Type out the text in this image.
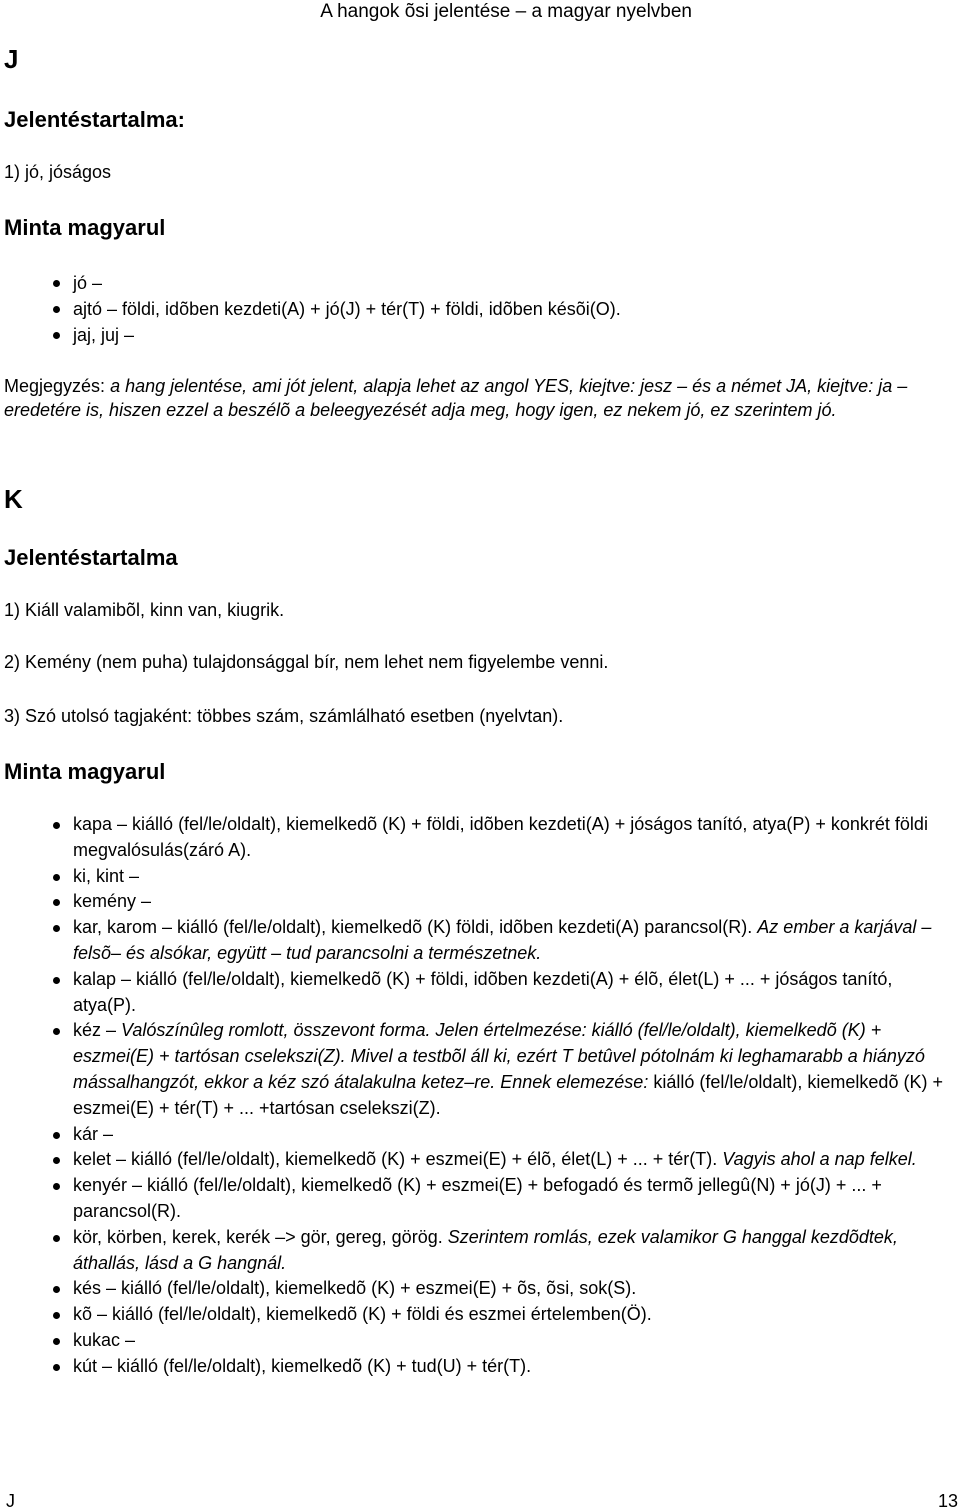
A hangok õsi jelentése – a magyar nyelvben
J
Jelentéstartalma:
1) jó, jóságos
Minta magyarul
jó –
ajtó – földi, idõben kezdeti(A) + jó(J) + tér(T) + földi, idõben késõi(O).
jaj, juj –
Megjegyzés: a hang jelentése, ami jót jelent, alapja lehet az angol YES, kiejtve: jesz – és a német JA, kiejtve: ja – eredetére is, hiszen ezzel a beszélõ a beleegyezését adja meg, hogy igen, ez nekem jó, ez szerintem jó.
K
Jelentéstartalma
1) Kiáll valamibõl, kinn van, kiugrik.
2) Kemény (nem puha) tulajdonsággal bír, nem lehet nem figyelembe venni.
3) Szó utolsó tagjaként: többes szám, számlálható esetben (nyelvtan).
Minta magyarul
kapa – kiálló (fel/le/oldalt), kiemelkedõ (K) + földi, idõben kezdeti(A) + jóságos tanító, atya(P) + konkrét földi megvalósulás(záró A).
ki, kint –
kemény –
kar, karom – kiálló (fel/le/oldalt), kiemelkedõ (K) földi, idõben kezdeti(A) parancsol(R). Az ember a karjával – felsõ– és alsókar, együtt – tud parancsolni a természetnek.
kalap – kiálló (fel/le/oldalt), kiemelkedõ (K) + földi, idõben kezdeti(A) + élõ, élet(L) + ... + jóságos tanító, atya(P).
kéz – Valószínûleg romlott, összevont forma. Jelen értelmezése: kiálló (fel/le/oldalt), kiemelkedõ (K) + eszmei(E) + tartósan cselekszi(Z). Mivel a testbõl áll ki, ezért T betûvel pótolnám ki leghamarabb a hiányzó mássalhangzót, ekkor a kéz szó átalakulna ketez–re. Ennek elemezése: kiálló (fel/le/oldalt), kiemelkedõ (K) + eszmei(E) + tér(T) + ... +tartósan cselekszi(Z).
kár –
kelet – kiálló (fel/le/oldalt), kiemelkedõ (K) + eszmei(E) + élõ, élet(L) + ... + tér(T). Vagyis ahol a nap felkel.
kenyér – kiálló (fel/le/oldalt), kiemelkedõ (K) + eszmei(E) + befogadó és termõ jellegû(N) + jó(J) + ... + parancsol(R).
kör, körben, kerek, kerék –> gör, gereg, görög. Szerintem romlás, ezek valamikor G hanggal kezdõdtek, áthallás, lásd a G hangnál.
kés – kiálló (fel/le/oldalt), kiemelkedõ (K) + eszmei(E) + õs, õsi, sok(S).
kõ – kiálló (fel/le/oldalt), kiemelkedõ (K) + földi és eszmei értelemben(Ö).
kukac –
kút – kiálló (fel/le/oldalt), kiemelkedõ (K) + tud(U) + tér(T).
J	13
